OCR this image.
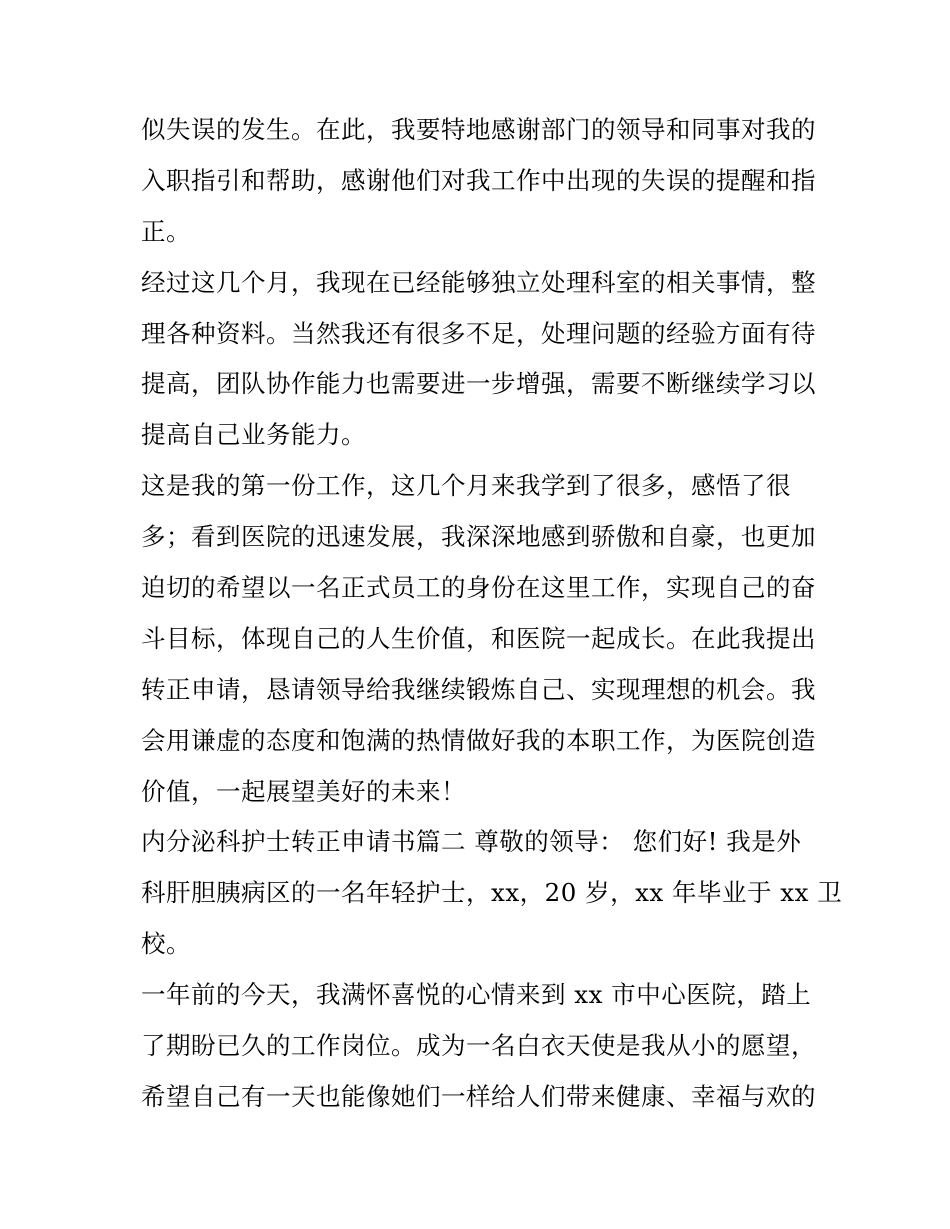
似失误的发生。在此，我要特地感谢部门的领导和同事对我的
入职指引和帮助，感谢他们对我工作中出现的失误的提醒和指
正。
经过这几个月，我现在已经能够独立处理科室的相关事情，整
理各种资料。当然我还有很多不足，处理问题的经验方面有待
提高，团队协作能力也需要进一步增强，需要不断继续学习以
提高自己业务能力。
这是我的第一份工作，这几个月来我学到了很多，感悟了很
多；看到医院的迅速发展，我深深地感到骄傲和自豪，也更加
迫切的希望以一名正式员工的身份在这里工作，实现自己的奋
斗目标，体现自己的人生价值，和医院一起成长。在此我提出
转正申请，恳请领导给我继续锻炼自己、实现理想的机会。我
会用谦虚的态度和饱满的热情做好我的本职工作，为医院创造
价值，一起展望美好的未来！
内分泌科护士转正申请书篇二 尊敬的领导： 您们好! 我是外
科肝胆胰病区的一名年轻护士，xx，20 岁，xx 年毕业于 xx 卫
校。
一年前的今天，我满怀喜悦的心情来到 xx 市中心医院，踏上
了期盼已久的工作岗位。成为一名白衣天使是我从小的愿望，
希望自己有一天也能像她们一样给人们带来健康、幸福与欢的
